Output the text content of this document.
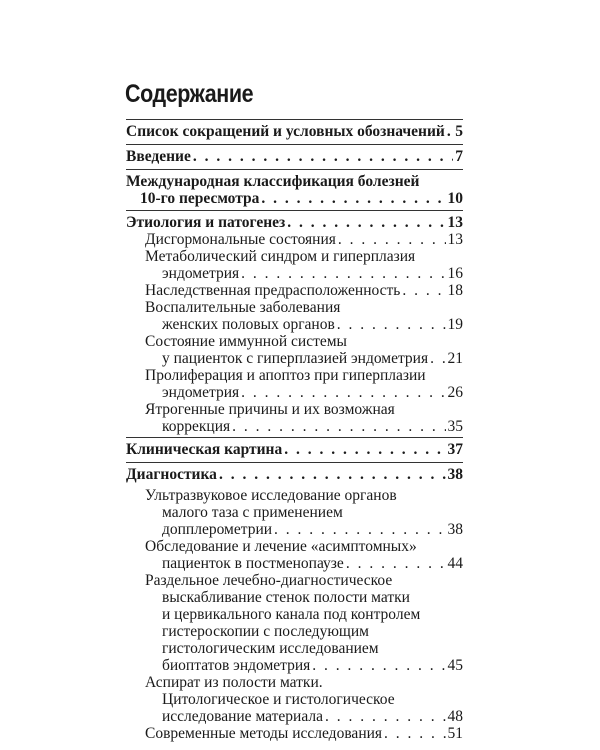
Содержание
Список сокращений и условных обозначений . . . 5
Введение . . .	7
Международная классификация болезней
10-го пересмотра . . .	10
Этиология и патогенез . . .	13
Дисгормональные состояния . . .	13
Метаболический синдром и гиперплазия
эндометрия . . .	16
Наследственная предрасположенность . . .	18
Воспалительные заболевания
женских половых органов . . .	19
Состояние иммунной системы
у пациенток с гиперплазией эндометрия . . . 21
Пролиферация и апоптоз при гиперплазии
эндометрия . . .	26
Ятрогенные причины и их возможная
коррекция . . .	35
Клиническая картина . . .	37
Диагностика . . .	38
Ультразвуковое исследование органов
малого таза с применением
допплерометрии . . .	38
Обследование и лечение «асимптомных»
пациенток в постменопаузе . . .	44
Раздельное лечебно-диагностическое
выскабливание стенок полости матки
и цервикального канала под контролем
гистероскопии с последующим
гистологическим исследованием
биоптатов эндометрия . . .	45
Аспират из полости матки.
Цитологическое и гистологическое
исследование материала . . .	48
Современные методы исследования . . .	51
